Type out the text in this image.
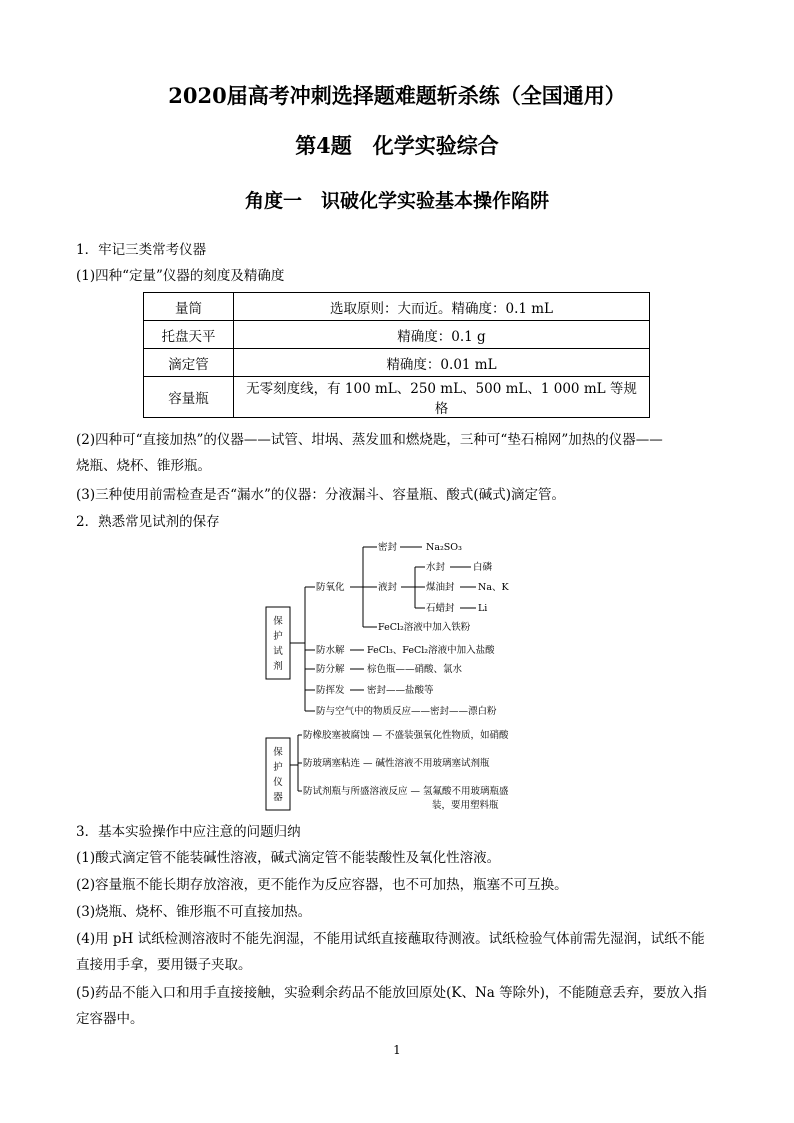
2020届高考冲刺选择题难题斩杀练（全国通用）
第4题　化学实验综合
角度一　识破化学实验基本操作陷阱
1．牢记三类常考仪器
(1)四种“定量”仪器的刻度及精确度
量筒	选取原则：大而近。精确度：0.1 mL
托盘天平	精确度：0.1 g
滴定管	精确度：0.01 mL
容量瓶	无零刻度线，有 100 mL、250 mL、500 mL、1 000 mL 等规格
(2)四种可“直接加热”的仪器——试管、坩埚、蒸发皿和燃烧匙，三种可“垫石棉网”加热的仪器——
烧瓶、烧杯、锥形瓶。
(3)三种使用前需检查是否“漏水”的仪器：分液漏斗、容量瓶、酸式(碱式)滴定管。
2．熟悉常见试剂的保存
保
护
试
剂
防氧化
密封	Na₂SO₃
液封
水封	白磷
煤油封 Na、K
石蜡封 Li
FeCl₂溶液中加入铁粉
防水解 FeCl₃、FeCl₂溶液中加入盐酸
防分解 棕色瓶——硝酸、氯水
防挥发 密封——盐酸等
防与空气中的物质反应——密封——漂白粉
保
护
仪
器
防橡胶塞被腐蚀 — 不盛装强氧化性物质，如硝酸
防玻璃塞粘连 — 碱性溶液不用玻璃塞试剂瓶
防试剂瓶与所盛溶液反应 — 氢氟酸不用玻璃瓶盛
装，要用塑料瓶
3．基本实验操作中应注意的问题归纳
(1)酸式滴定管不能装碱性溶液，碱式滴定管不能装酸性及氧化性溶液。
(2)容量瓶不能长期存放溶液，更不能作为反应容器，也不可加热，瓶塞不可互换。
(3)烧瓶、烧杯、锥形瓶不可直接加热。
(4)用 pH 试纸检测溶液时不能先润湿，不能用试纸直接蘸取待测液。试纸检验气体前需先湿润，试纸不能
直接用手拿，要用镊子夹取。
(5)药品不能入口和用手直接接触，实验剩余药品不能放回原处(K、Na 等除外)，不能随意丢弃，要放入指
定容器中。
1
